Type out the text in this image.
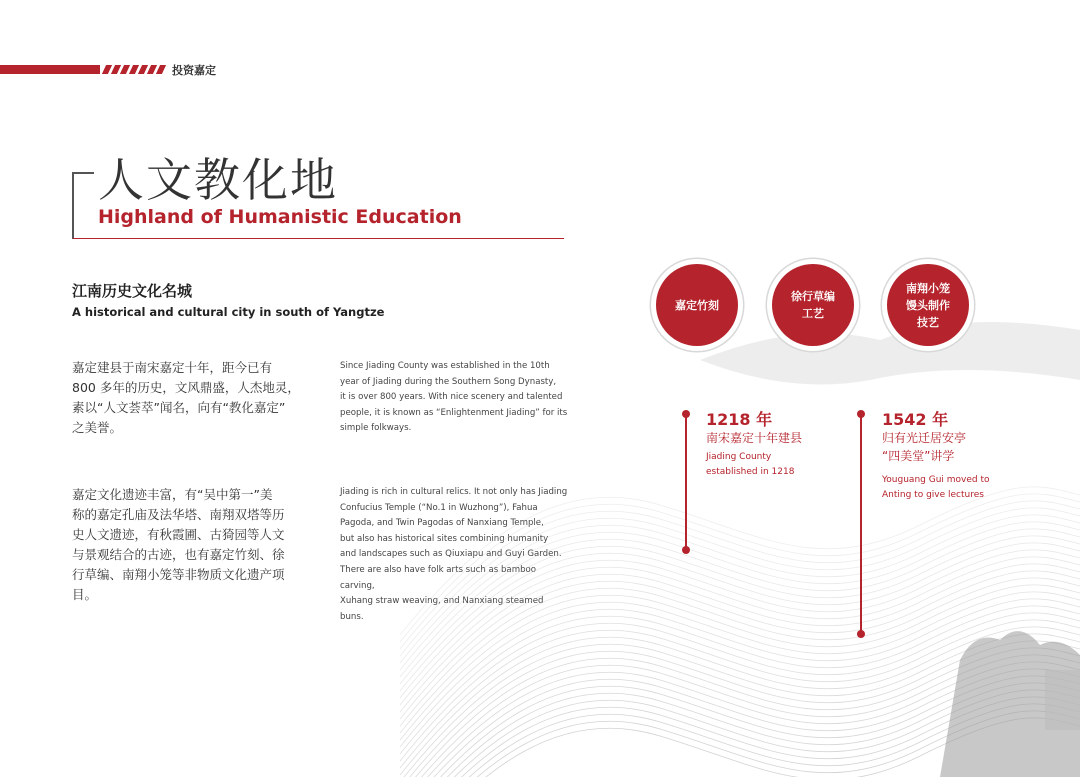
投资嘉定
人文教化地
Highland of Humanistic Education
江南历史文化名城
A historical and cultural city in south of Yangtze
嘉定建县于南宋嘉定十年，距今已有
800 多年的历史，文风鼎盛，人杰地灵，
素以“人文荟萃”闻名，向有“教化嘉定”
之美誉。
Since Jiading County was established in the 10th
year of Jiading during the Southern Song Dynasty,
it is over 800 years. With nice scenery and talented
people, it is known as “Enlightenment Jiading” for its
simple folkways.
嘉定文化遗迹丰富，有“吴中第一”美
称的嘉定孔庙及法华塔、南翔双塔等历
史人文遗迹，有秋霞圃、古猗园等人文
与景观结合的古迹，也有嘉定竹刻、徐
行草编、南翔小笼等非物质文化遗产项
目。
Jiading is rich in cultural relics. It not only has Jiading
Confucius Temple (“No.1 in Wuzhong”), Fahua
Pagoda, and Twin Pagodas of Nanxiang Temple,
but also has historical sites combining humanity
and landscapes such as Qiuxiapu and Guyi Garden.
There are also have folk arts such as bamboo carving,
Xuhang straw weaving, and Nanxiang steamed buns.
嘉定竹刻
徐行草编
工艺
南翔小笼
馒头制作
技艺
1218 年
南宋嘉定十年建县
Jiading County
established in 1218
1542 年
归有光迁居安亭
“四美堂”讲学
Youguang Gui moved to
Anting to give lectures
